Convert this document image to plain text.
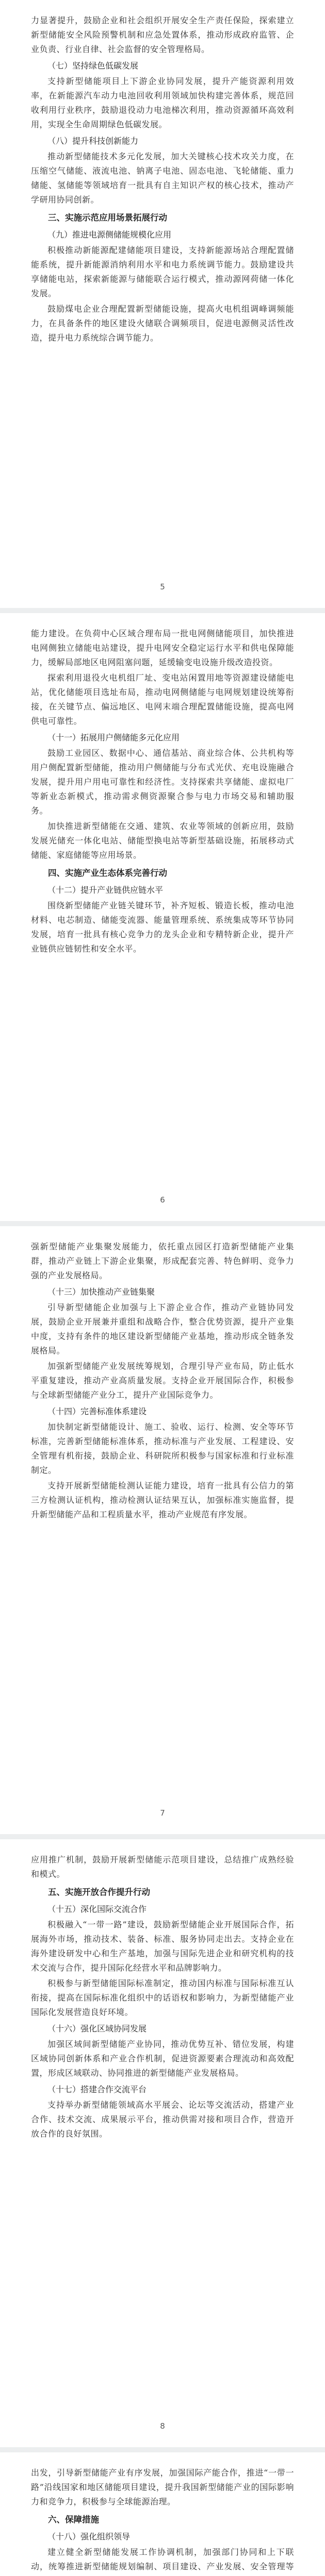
力显著提升，鼓励企业和社会组织开展安全生产责任保险，探索建立新型储能安全风险预警机制和应急处置体系，推动形成政府监管、企业负责、行业自律、社会监督的安全管理格局。

（七）坚持绿色低碳发展

支持新型储能项目上下游企业协同发展，提升产能资源利用效率，在新能源汽车动力电池回收利用领域加快构建完善体系，规范回收利用行业秩序，鼓励退役动力电池梯次利用，推动资源循环高效利用，实现全生命周期绿色低碳发展。

（八）提升科技创新能力

推动新型储能技术多元化发展，加大关键核心技术攻关力度，在压缩空气储能、液流电池、钠离子电池、固态电池、飞轮储能、重力储能、氢储能等领域培育一批具有自主知识产权的核心技术，推动产学研用协同创新。

三、实施示范应用场景拓展行动

（九）推进电源侧储能规模化应用

积极推动新能源配建储能项目建设，支持新能源场站合理配置储能系统，提升新能源消纳利用水平和电力系统调节能力。鼓励建设共享储能电站，探索新能源与储能联合运行模式，推动源网荷储一体化发展。

鼓励煤电企业合理配置新型储能设施，提高火电机组调峰调频能力，在具备条件的地区建设火储联合调频项目，促进电源侧灵活性改造，提升电力系统综合调节能力。

5

能力建设。在负荷中心区域合理布局一批电网侧储能项目，加快推进电网侧独立储能电站建设，提升电网安全稳定运行水平和供电保障能力，缓解局部地区电网阻塞问题，延缓输变电设施升级改造投资。

探索利用退役火电机组厂址、变电站闲置用地等资源建设储能电站，优化储能项目选址布局，推动电网侧储能与电网规划建设统筹衔接，在关键节点、偏远地区、电网末端合理配置储能设施，提高电网供电可靠性。

（十一）拓展用户侧储能多元化应用

鼓励工业园区、数据中心、通信基站、商业综合体、公共机构等用户侧配置新型储能，推动用户侧储能与分布式光伏、充电设施融合发展，提升用户用电可靠性和经济性。支持探索共享储能、虚拟电厂等新业态新模式，推动需求侧资源聚合参与电力市场交易和辅助服务。

加快推进新型储能在交通、建筑、农业等领域的创新应用，鼓励发展光储充一体化电站、储能型换电站等新型基础设施，拓展移动式储能、家庭储能等应用场景。

四、实施产业生态体系完善行动

（十二）提升产业链供应链水平

围绕新型储能产业链关键环节，补齐短板、锻造长板，推动电池材料、电芯制造、储能变流器、能量管理系统、系统集成等环节协同发展，培育一批具有核心竞争力的龙头企业和专精特新企业，提升产业链供应链韧性和安全水平。

6

强新型储能产业集聚发展能力，依托重点园区打造新型储能产业集群，推动产业链上下游企业集聚，形成配套完善、特色鲜明、竞争力强的产业发展格局。

（十三）加快推动产业链集聚

引导新型储能企业加强与上下游企业合作，推动产业链协同发展，鼓励企业开展兼并重组和战略合作，整合优势资源，提升产业集中度，支持有条件的地区建设新型储能产业基地，推动形成全链条发展格局。

加强新型储能产业发展统筹规划，合理引导产业布局，防止低水平重复建设，推动产业高质量发展。支持企业开展国际合作，积极参与全球新型储能产业分工，提升产业国际竞争力。

（十四）完善标准体系建设

加快制定新型储能设计、施工、验收、运行、检测、安全等环节标准，完善新型储能标准体系，推动标准与产业发展、工程建设、安全管理有机衔接，鼓励企业、科研院所积极参与国家标准和行业标准制定。

支持开展新型储能检测认证能力建设，培育一批具有公信力的第三方检测认证机构，推动检测认证结果互认，加强标准实施监督，提升新型储能产品和工程质量水平，推动产业规范有序发展。

7

应用推广机制，鼓励开展新型储能示范项目建设，总结推广成熟经验和模式。

五、实施开放合作提升行动

（十五）深化国际交流合作

积极融入“一带一路”建设，鼓励新型储能企业开展国际合作，拓展海外市场，推动技术、装备、标准、服务协同走出去。支持企业在海外建设研发中心和生产基地，加强与国际先进企业和研究机构的技术交流与合作，提升国际化经营水平和品牌影响力。

积极参与新型储能国际标准制定，推动国内标准与国际标准互认衔接，提高在国际标准化组织中的话语权和影响力，为新型储能产业国际化发展营造良好环境。

（十六）强化区域协同发展

加强区域间新型储能产业协同，推动优势互补、错位发展，构建区域协同创新体系和产业合作机制，促进资源要素合理流动和高效配置，形成区域联动、协同推进的新型储能产业发展格局。

（十七）搭建合作交流平台

支持举办新型储能领域高水平展会、论坛等交流活动，搭建产业合作、技术交流、成果展示平台，推动供需对接和项目合作，营造开放合作的良好氛围。

8

出发，引导新型储能产业有序发展，加强国际产能合作，推进“一带一路”沿线国家和地区储能项目建设，提升我国新型储能产业的国际影响力和竞争力，积极参与全球能源治理。

六、保障措施

（十八）强化组织领导

建立健全新型储能发展工作协调机制，加强部门协同和上下联动，统筹推进新型储能规划编制、项目建设、产业发展、安全管理等
